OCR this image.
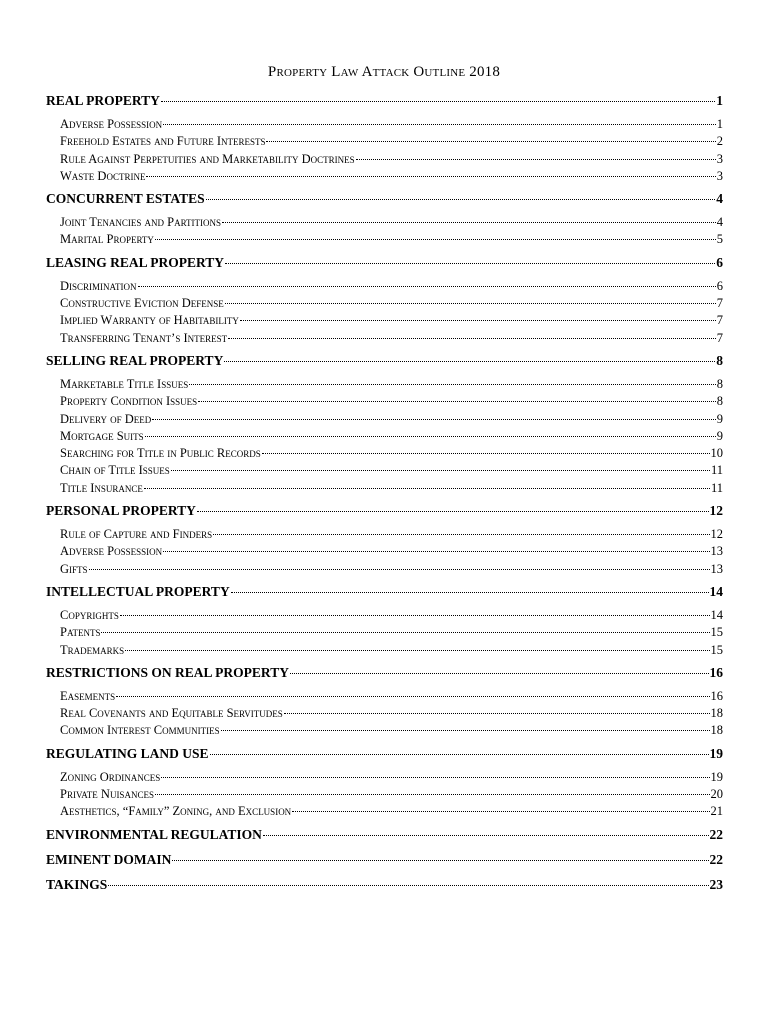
Property Law Attack Outline 2018
REAL PROPERTY	1
Adverse Possession	1
Freehold Estates and Future Interests	2
Rule Against Perpetuities and Marketability Doctrines	3
Waste Doctrine	3
CONCURRENT ESTATES	4
Joint Tenancies and Partitions	4
Marital Property	5
LEASING REAL PROPERTY	6
Discrimination	6
Constructive Eviction Defense	7
Implied Warranty of Habitability	7
Transferring Tenant’s Interest	7
SELLING REAL PROPERTY	8
Marketable Title Issues	8
Property Condition Issues	8
Delivery of Deed	9
Mortgage Suits	9
Searching for Title in Public Records	10
Chain of Title Issues	11
Title Insurance	11
PERSONAL PROPERTY	12
Rule of Capture and Finders	12
Adverse Possession	13
Gifts	13
INTELLECTUAL PROPERTY	14
Copyrights	14
Patents	15
Trademarks	15
RESTRICTIONS ON REAL PROPERTY	16
Easements	16
Real Covenants and Equitable Servitudes	18
Common Interest Communities	18
REGULATING LAND USE	19
Zoning Ordinances	19
Private Nuisances	20
Aesthetics, “Family” Zoning, and Exclusion	21
ENVIRONMENTAL REGULATION	22
EMINENT DOMAIN	22
TAKINGS	23
